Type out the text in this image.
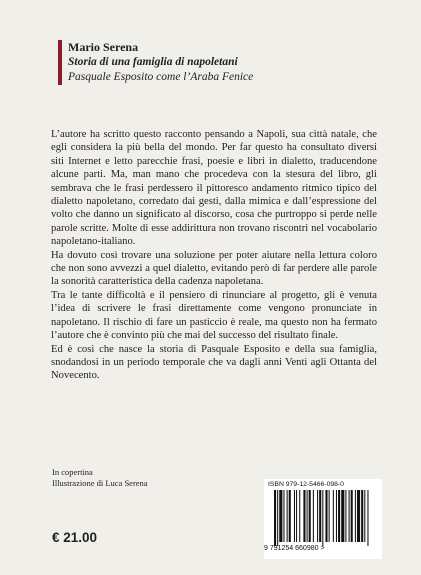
Mario Serena
Storia di una famiglia di napoletani
Pasquale Esposito come l’Araba Fenice

L’autore ha scritto questo racconto pensando a Napoli, sua città natale, che egli considera la più bella del mondo. Per far questo ha consultato diversi siti Internet e letto parecchie frasi, poesie e libri in dialetto, traducendone alcune parti. Ma, man mano che procedeva con la stesura del libro, gli sembrava che le frasi perdessero il pittoresco andamento ritmico tipico del dialetto napoletano, corredato dai gesti, dalla mimica e dall’espressione del volto che danno un significato al discorso, cosa che purtroppo si perde nelle parole scritte. Molte di esse addirittura non trovano riscontri nel vocabolario napoletano-italiano.

Ha dovuto così trovare una soluzione per poter aiutare nella lettura coloro che non sono avvezzi a quel dialetto, evitando però di far perdere alle parole la sonorità caratteristica della cadenza napoletana.

Tra le tante difficoltà e il pensiero di rinunciare al progetto, gli è venuta l’idea di scrivere le frasi direttamente come vengono pronunciate in napoletano. Il rischio di fare un pasticcio è reale, ma questo non ha fermato l’autore che è convinto più che mai del successo del risultato finale.

Ed è così che nasce la storia di Pasquale Esposito e della sua famiglia, snodandosi in un periodo temporale che va dagli anni Venti agli Ottanta del Novecento.

In copertina
Illustrazione di Luca Serena
€ 21.00
ISBN 979-12-5466-098-0
9 791254 660980 >
